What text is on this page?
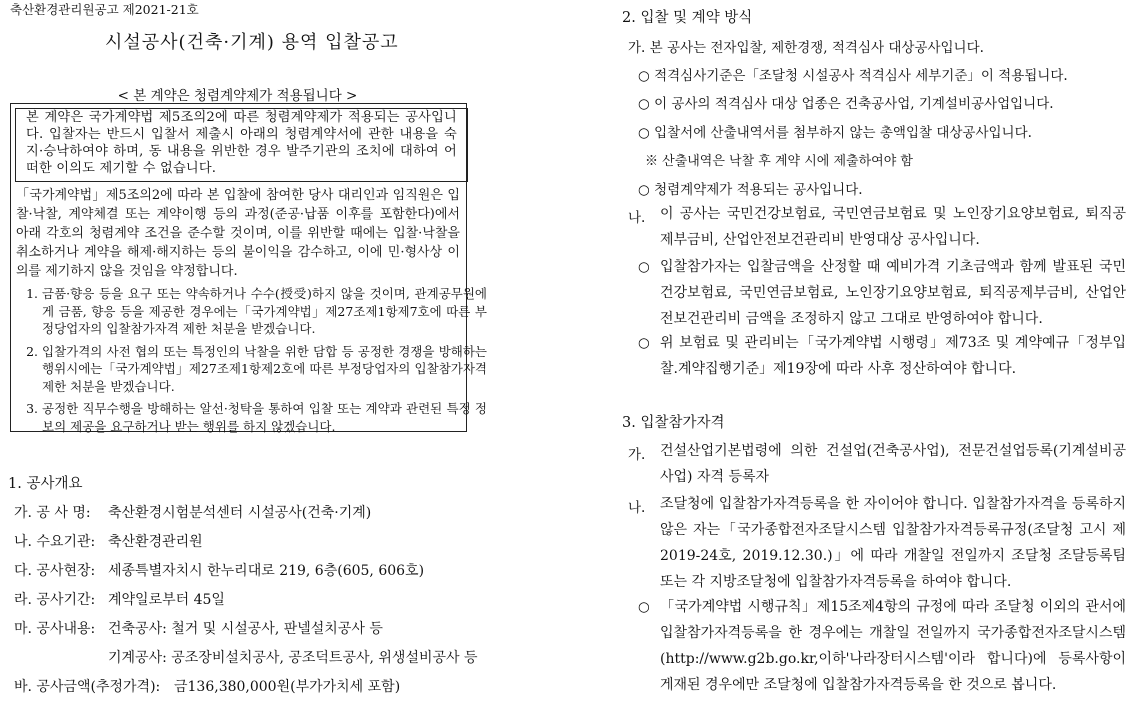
축산환경관리원공고 제2021-21호
시설공사(건축·기계) 용역 입찰공고
< 본 계약은 청렴계약제가 적용됩니다 >
본 계약은 국가계약법 제5조의2에 따른 청렴계약제가 적용되는 공사입니다. 입찰자는 반드시 입찰서 제출시 아래의 청렴계약서에 관한 내용을 숙지·승낙하여야 하며, 동 내용을 위반한 경우 발주기관의 조치에 대하여 어떠한 이의도 제기할 수 없습니다.
「국가계약법」제5조의2에 따라 본 입찰에 참여한 당사 대리인과 임직원은 입찰·낙찰, 계약체결 또는 계약이행 등의 과정(준공·납품 이후를 포함한다)에서 아래 각호의 청렴계약 조건을 준수할 것이며, 이를 위반할 때에는 입찰·낙찰을 취소하거나 계약을 해제·해지하는 등의 불이익을 감수하고, 이에 민·형사상 이의를 제기하지 않을 것임을 약정합니다.
1. 금품·향응 등을 요구 또는 약속하거나 수수(授受)하지 않을 것이며, 관계공무원에게 금품, 향응 등을 제공한 경우에는「국가계약법」제27조제1항제7호에 따른 부정당업자의 입찰참가자격 제한 처분을 받겠습니다.
2. 입찰가격의 사전 협의 또는 특정인의 낙찰을 위한 담합 등 공정한 경쟁을 방해하는 행위시에는「국가계약법」제27조제1항제2호에 따른 부정당업자의 입찰참가자격 제한 처분을 받겠습니다.
3. 공정한 직무수행을 방해하는 알선·청탁을 통하여 입찰 또는 계약과 관련된 특정 정보의 제공을 요구하거나 받는 행위를 하지 않겠습니다.
1. 공사개요
가. 공 사 명: 축산환경시험분석센터 시설공사(건축·기계)
나. 수요기관: 축산환경관리원
다. 공사현장: 세종특별자치시 한누리대로 219, 6층(605, 606호)
라. 공사기간: 계약일로부터 45일
마. 공사내용: 건축공사: 철거 및 시설공사, 판넬설치공사 등
기계공사: 공조장비설치공사, 공조덕트공사, 위생설비공사 등
바. 공사금액(추정가격): 금136,380,000원(부가가치세 포함)
2. 입찰 및 계약 방식
가. 본 공사는 전자입찰, 제한경쟁, 적격심사 대상공사입니다.
○ 적격심사기준은「조달청 시설공사 적격심사 세부기준」이 적용됩니다.
○ 이 공사의 적격심사 대상 업종은 건축공사업, 기계설비공사업입니다.
○ 입찰서에 산출내역서를 첨부하지 않는 총액입찰 대상공사입니다.
※ 산출내역은 낙찰 후 계약 시에 제출하여야 함
○ 청렴계약제가 적용되는 공사입니다.
나. 이 공사는 국민건강보험료, 국민연금보험료 및 노인장기요양보험료, 퇴직공제부금비, 산업안전보건관리비 반영대상 공사입니다.
○ 입찰참가자는 입찰금액을 산정할 때 예비가격 기초금액과 함께 발표된 국민건강보험료, 국민연금보험료, 노인장기요양보험료, 퇴직공제부금비, 산업안전보건관리비 금액을 조정하지 않고 그대로 반영하여야 합니다.
○ 위 보험료 및 관리비는「국가계약법 시행령」제73조 및 계약예규「정부입찰.계약집행기준」제19장에 따라 사후 정산하여야 합니다.
3. 입찰참가자격
가. 건설산업기본법령에 의한 건설업(건축공사업), 전문건설업등록(기계설비공사업) 자격 등록자
나. 조달청에 입찰참가자격등록을 한 자이어야 합니다. 입찰참가자격을 등록하지 않은 자는「국가종합전자조달시스템 입찰참가자격등록규정(조달청 고시 제2019-24호, 2019.12.30.)」에 따라 개찰일 전일까지 조달청 조달등록팀 또는 각 지방조달청에 입찰참가자격등록을 하여야 합니다.
○ 「국가계약법 시행규칙」제15조제4항의 규정에 따라 조달청 이외의 관서에 입찰참가자격등록을 한 경우에는 개찰일 전일까지 국가종합전자조달시스템(http://www.g2b.go.kr,이하'나라장터시스템'이라 합니다)에 등록사항이 게재된 경우에만 조달청에 입찰참가자격등록을 한 것으로 봅니다.
